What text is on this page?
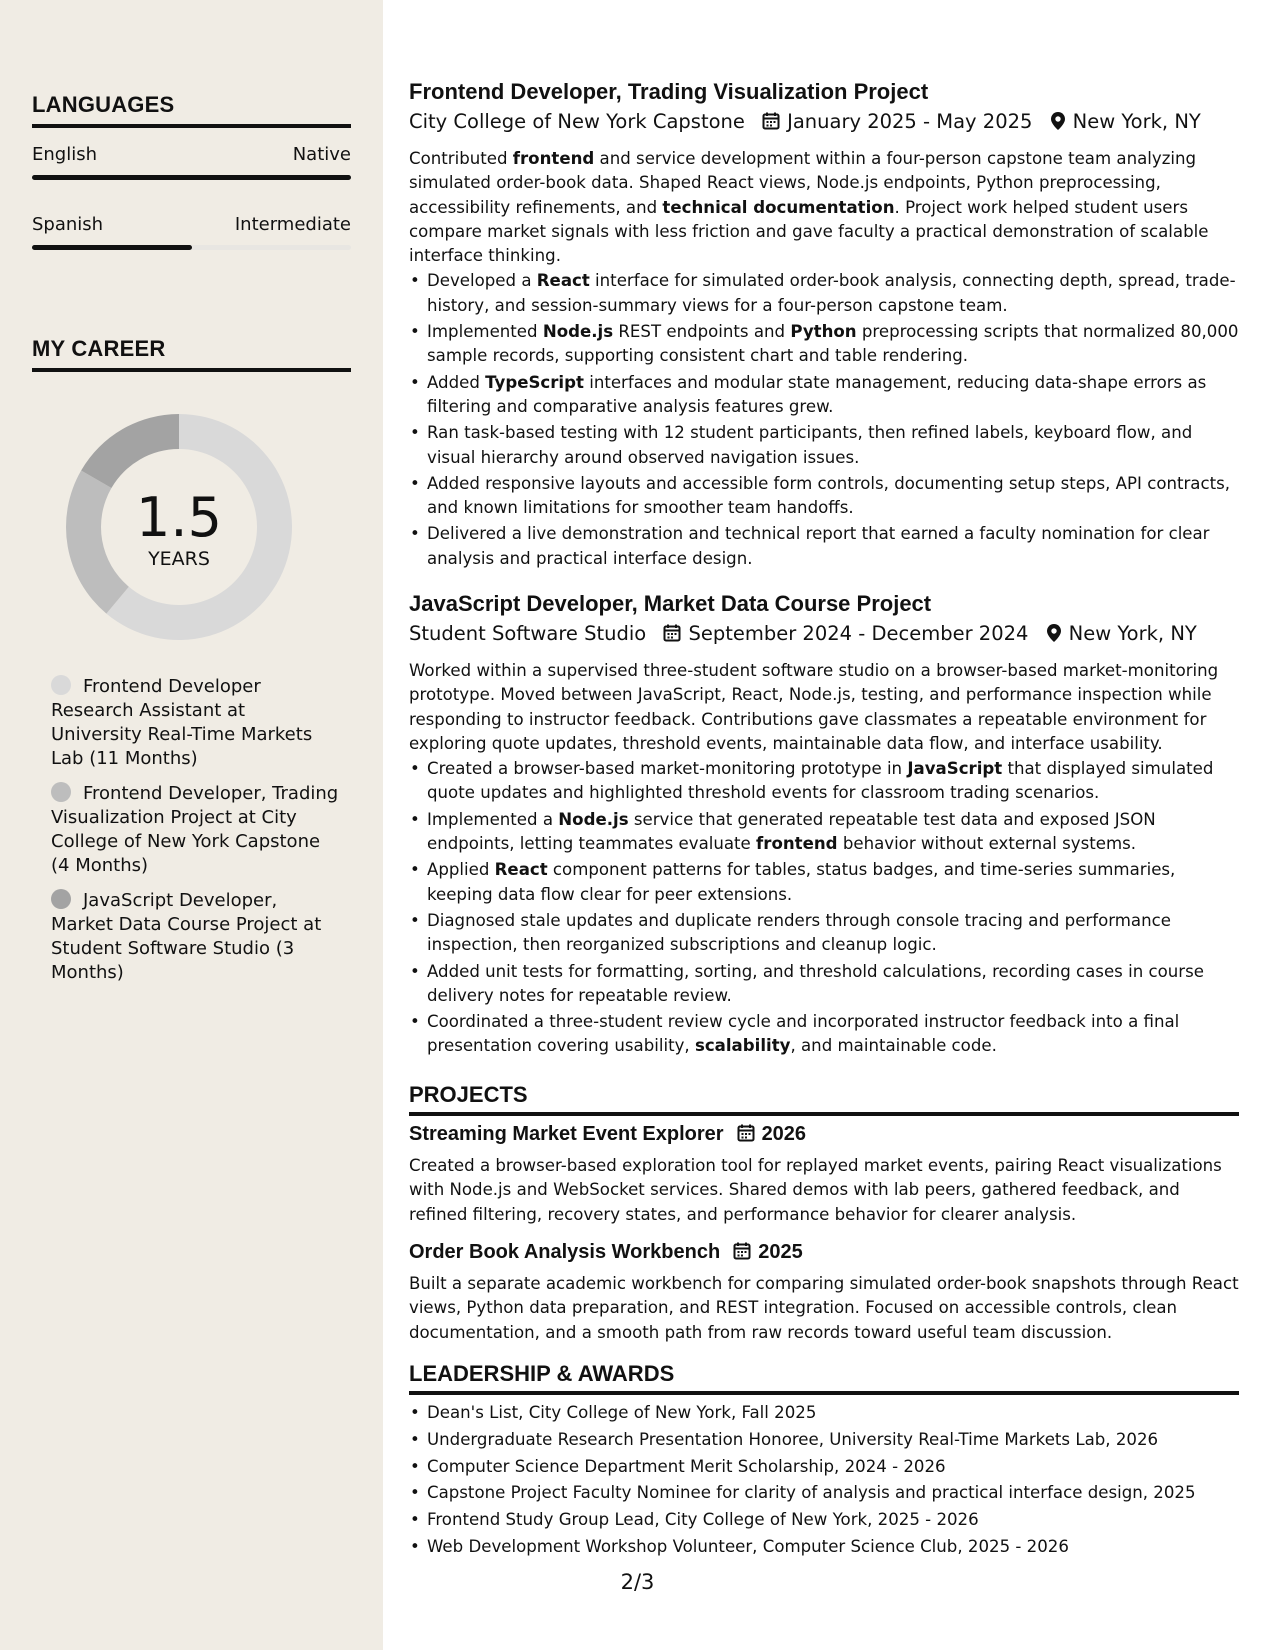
LANGUAGES
English	Native
Spanish	Intermediate
MY CAREER
1.5
YEARS
Frontend Developer Research Assistant at University Real-Time Markets Lab (11 Months)
Frontend Developer, Trading Visualization Project at City College of New York Capstone (4 Months)
JavaScript Developer, Market Data Course Project at Student Software Studio (3 Months)
Frontend Developer, Trading Visualization Project
City College of New York Capstone January 2025 - May 2025 New York, NY
Contributed frontend and service development within a four-person capstone team analyzing simulated order-book data. Shaped React views, Node.js endpoints, Python preprocessing, accessibility refinements, and technical documentation. Project work helped student users compare market signals with less friction and gave faculty a practical demonstration of scalable interface thinking.
• Developed a React interface for simulated order-book analysis, connecting depth, spread, trade-history, and session-summary views for a four-person capstone team.
• Implemented Node.js REST endpoints and Python preprocessing scripts that normalized 80,000 sample records, supporting consistent chart and table rendering.
• Added TypeScript interfaces and modular state management, reducing data-shape errors as filtering and comparative analysis features grew.
• Ran task-based testing with 12 student participants, then refined labels, keyboard flow, and visual hierarchy around observed navigation issues.
• Added responsive layouts and accessible form controls, documenting setup steps, API contracts, and known limitations for smoother team handoffs.
• Delivered a live demonstration and technical report that earned a faculty nomination for clear analysis and practical interface design.
JavaScript Developer, Market Data Course Project
Student Software Studio September 2024 - December 2024 New York, NY
Worked within a supervised three-student software studio on a browser-based market-monitoring prototype. Moved between JavaScript, React, Node.js, testing, and performance inspection while responding to instructor feedback. Contributions gave classmates a repeatable environment for exploring quote updates, threshold events, maintainable data flow, and interface usability.
• Created a browser-based market-monitoring prototype in JavaScript that displayed simulated quote updates and highlighted threshold events for classroom trading scenarios.
• Implemented a Node.js service that generated repeatable test data and exposed JSON endpoints, letting teammates evaluate frontend behavior without external systems.
• Applied React component patterns for tables, status badges, and time-series summaries, keeping data flow clear for peer extensions.
• Diagnosed stale updates and duplicate renders through console tracing and performance inspection, then reorganized subscriptions and cleanup logic.
• Added unit tests for formatting, sorting, and threshold calculations, recording cases in course delivery notes for repeatable review.
• Coordinated a three-student review cycle and incorporated instructor feedback into a final presentation covering usability, scalability, and maintainable code.
PROJECTS
Streaming Market Event Explorer 2026
Created a browser-based exploration tool for replayed market events, pairing React visualizations with Node.js and WebSocket services. Shared demos with lab peers, gathered feedback, and refined filtering, recovery states, and performance behavior for clearer analysis.
Order Book Analysis Workbench 2025
Built a separate academic workbench for comparing simulated order-book snapshots through React views, Python data preparation, and REST integration. Focused on accessible controls, clean documentation, and a smooth path from raw records toward useful team discussion.
LEADERSHIP & AWARDS
• Dean's List, City College of New York, Fall 2025
• Undergraduate Research Presentation Honoree, University Real-Time Markets Lab, 2026
• Computer Science Department Merit Scholarship, 2024 - 2026
• Capstone Project Faculty Nominee for clarity of analysis and practical interface design, 2025
• Frontend Study Group Lead, City College of New York, 2025 - 2026
• Web Development Workshop Volunteer, Computer Science Club, 2025 - 2026
2/3
